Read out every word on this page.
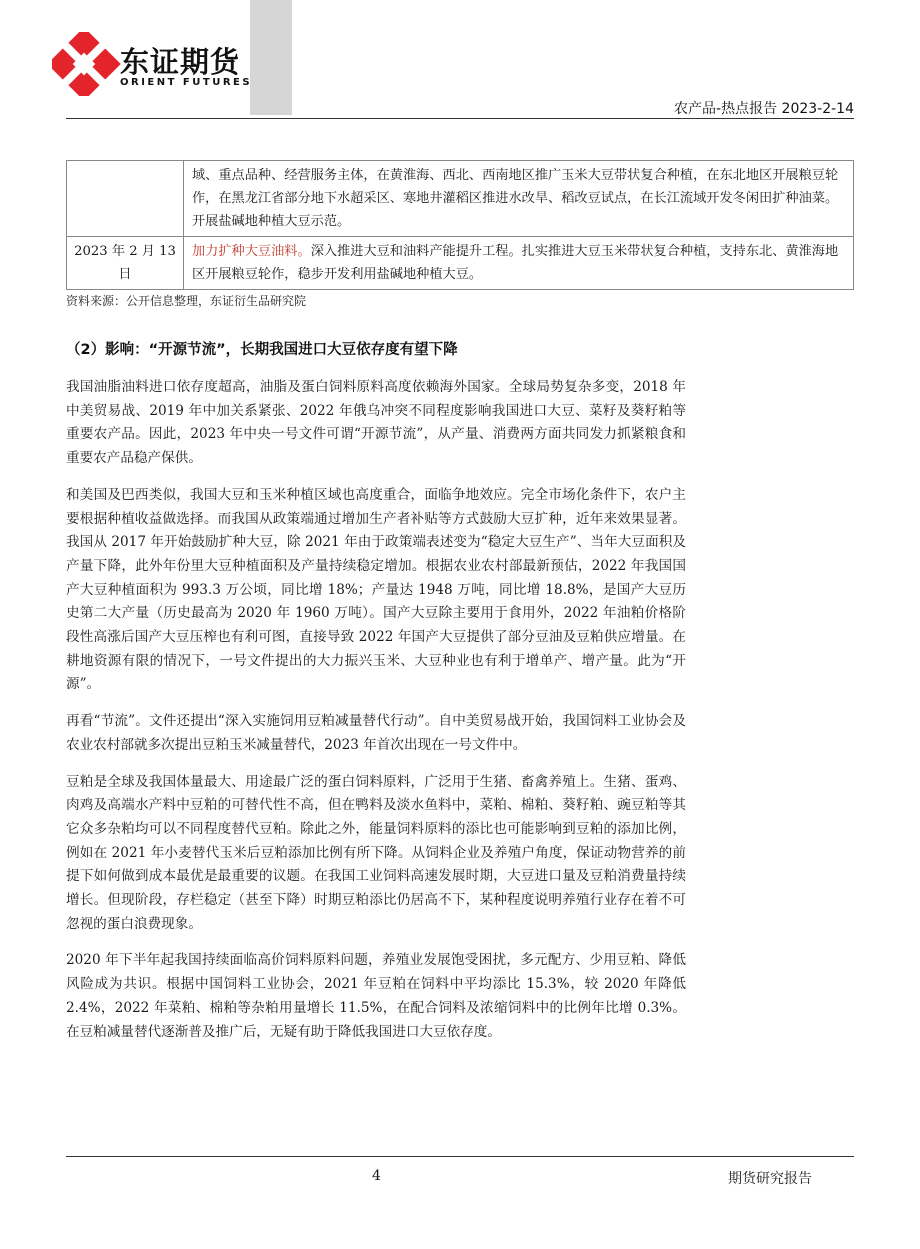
东证期货
ORIENT FUTURES
农产品-热点报告 2023-2-14
	域、重点品种、经营服务主体，在黄淮海、西北、西南地区推广玉米大豆带状复合种植，在东北地区开展粮豆轮作，在黑龙江省部分地下水超采区、寒地井灌稻区推进水改旱、稻改豆试点，在长江流域开发冬闲田扩种油菜。开展盐碱地种植大豆示范。
2023 年 2 月 13 日	加力扩种大豆油料。深入推进大豆和油料产能提升工程。扎实推进大豆玉米带状复合种植，支持东北、黄淮海地区开展粮豆轮作，稳步开发利用盐碱地种植大豆。
资料来源：公开信息整理，东证衍生品研究院
（2）影响：“开源节流”，长期我国进口大豆依存度有望下降

我国油脂油料进口依存度超高，油脂及蛋白饲料原料高度依赖海外国家。全球局势复杂多变，2018 年中美贸易战、2019 年中加关系紧张、2022 年俄乌冲突不同程度影响我国进口大豆、菜籽及葵籽粕等重要农产品。因此，2023 年中央一号文件可谓“开源节流”，从产量、消费两方面共同发力抓紧粮食和重要农产品稳产保供。

和美国及巴西类似，我国大豆和玉米种植区域也高度重合，面临争地效应。完全市场化条件下，农户主要根据种植收益做选择。而我国从政策端通过增加生产者补贴等方式鼓励大豆扩种，近年来效果显著。我国从 2017 年开始鼓励扩种大豆，除 2021 年由于政策端表述变为“稳定大豆生产”、当年大豆面积及产量下降，此外年份里大豆种植面积及产量持续稳定增加。根据农业农村部最新预估，2022 年我国国产大豆种植面积为 993.3 万公顷，同比增 18%；产量达 1948 万吨，同比增 18.8%，是国产大豆历史第二大产量（历史最高为 2020 年 1960 万吨）。国产大豆除主要用于食用外，2022 年油粕价格阶段性高涨后国产大豆压榨也有利可图，直接导致 2022 年国产大豆提供了部分豆油及豆粕供应增量。在耕地资源有限的情况下，一号文件提出的大力振兴玉米、大豆种业也有利于增单产、增产量。此为“开源”。

再看“节流”。文件还提出“深入实施饲用豆粕减量替代行动”。自中美贸易战开始，我国饲料工业协会及农业农村部就多次提出豆粕玉米减量替代，2023 年首次出现在一号文件中。

豆粕是全球及我国体量最大、用途最广泛的蛋白饲料原料，广泛用于生猪、畜禽养殖上。生猪、蛋鸡、肉鸡及高端水产料中豆粕的可替代性不高，但在鸭料及淡水鱼料中，菜粕、棉粕、葵籽粕、豌豆粕等其它众多杂粕均可以不同程度替代豆粕。除此之外，能量饲料原料的添比也可能影响到豆粕的添加比例，例如在 2021 年小麦替代玉米后豆粕添加比例有所下降。从饲料企业及养殖户角度，保证动物营养的前提下如何做到成本最优是最重要的议题。在我国工业饲料高速发展时期，大豆进口量及豆粕消费量持续增长。但现阶段，存栏稳定（甚至下降）时期豆粕添比仍居高不下，某种程度说明养殖行业存在着不可忽视的蛋白浪费现象。

2020 年下半年起我国持续面临高价饲料原料问题，养殖业发展饱受困扰，多元配方、少用豆粕、降低风险成为共识。根据中国饲料工业协会，2021 年豆粕在饲料中平均添比 15.3%，较 2020 年降低 2.4%，2022 年菜粕、棉粕等杂粕用量增长 11.5%，在配合饲料及浓缩饲料中的比例年比增 0.3%。在豆粕减量替代逐渐普及推广后，无疑有助于降低我国进口大豆依存度。

4	期货研究报告
